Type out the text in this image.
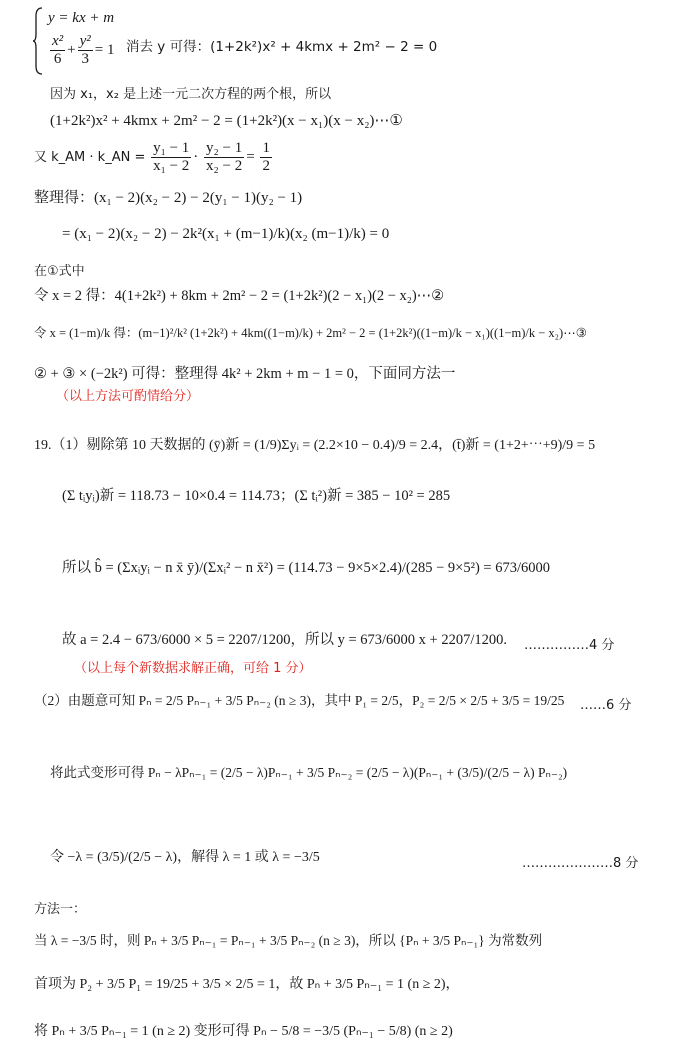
y = kx + m
$\frac{\text{x²}}{6} + \frac{\text{y²}}{3} = 1$ 消去 y 可得：(1+2k²)x² + 4kmx + 2m² − 2 = 0
因为 x₁，x₂ 是上述一元二次方程的两个根，所以
(1+2k²)x² + 4kmx + 2m² − 2 = (1+2k²)(x − x₁)(x − x₂)⋯①
又 k_AM · k_AN = $\frac{\text{y₁ − 1}}{\text{x₁ − 2}} \cdot \frac{\text{y₂ − 1}}{\text{x₂ − 2}} = \frac{1}{2}$
整理得：(x₁ − 2)(x₂ − 2) − 2(y₁ − 1)(y₂ − 1)
= (x₁ − 2)(x₂ − 2) − 2k²(x₁ + (m−1)/k)(x₂ (m−1)/k) = 0
在①式中
令 x = 2 得：4(1+2k²) + 8km + 2m² − 2 = (1+2k²)(2 − x₁)(2 − x₂)⋯②
令 x = (1−m)/k 得：(m−1)²/k² (1+2k²) + 4km((1−m)/k) + 2m² − 2 = (1+2k²)((1−m)/k − x₁)((1−m)/k − x₂)⋯③
② + ③ × (−2k²) 可得：整理得 4k² + 2km + m − 1 = 0，下面同方法一
（以上方法可酌情给分）
19.（1）剔除第 10 天数据的 (ȳ)新 = (1/9)Σyᵢ = (2.2×10 − 0.4)/9 = 2.4，(t̄)新 = (1+2+⋯+9)/9 = 5
(Σ tᵢyᵢ)新 = 118.73 − 10×0.4 = 114.73；(Σ tᵢ²)新 = 385 − 10² = 285
所以 b̂ = (Σxᵢyᵢ − n x̄ ȳ)/(Σxᵢ² − n x̄²) = (114.73 − 9×5×2.4)/(285 − 9×5²) = 673/6000
故 a = 2.4 − 673/6000 × 5 = 2207/1200，所以 y = 673/6000 x + 2207/1200. ……………4 分
（以上每个新数据求解正确，可给 1 分）
（2）由题意可知 Pₙ = 2/5 Pₙ₋₁ + 3/5 Pₙ₋₂ (n ≥ 3)，其中 P₁ = 2/5，P₂ = 2/5 × 2/5 + 3/5 = 19/25 ……6 分
将此式变形可得 Pₙ − λPₙ₋₁ = (2/5 − λ)Pₙ₋₁ + 3/5 Pₙ₋₂ = (2/5 − λ)(Pₙ₋₁ + (3/5)/(2/5 − λ) Pₙ₋₂)
令 −λ = (3/5)/(2/5 − λ)，解得 λ = 1 或 λ = −3/5	…………………8 分
方法一：
当 λ = −3/5 时，则 Pₙ + 3/5 Pₙ₋₁ = Pₙ₋₁ + 3/5 Pₙ₋₂ (n ≥ 3)，所以 {Pₙ + 3/5 Pₙ₋₁} 为常数列
首项为 P₂ + 3/5 P₁ = 19/25 + 3/5 × 2/5 = 1，故 Pₙ + 3/5 Pₙ₋₁ = 1 (n ≥ 2)，
将 Pₙ + 3/5 Pₙ₋₁ = 1 (n ≥ 2) 变形可得 Pₙ − 5/8 = −3/5 (Pₙ₋₁ − 5/8) (n ≥ 2)
